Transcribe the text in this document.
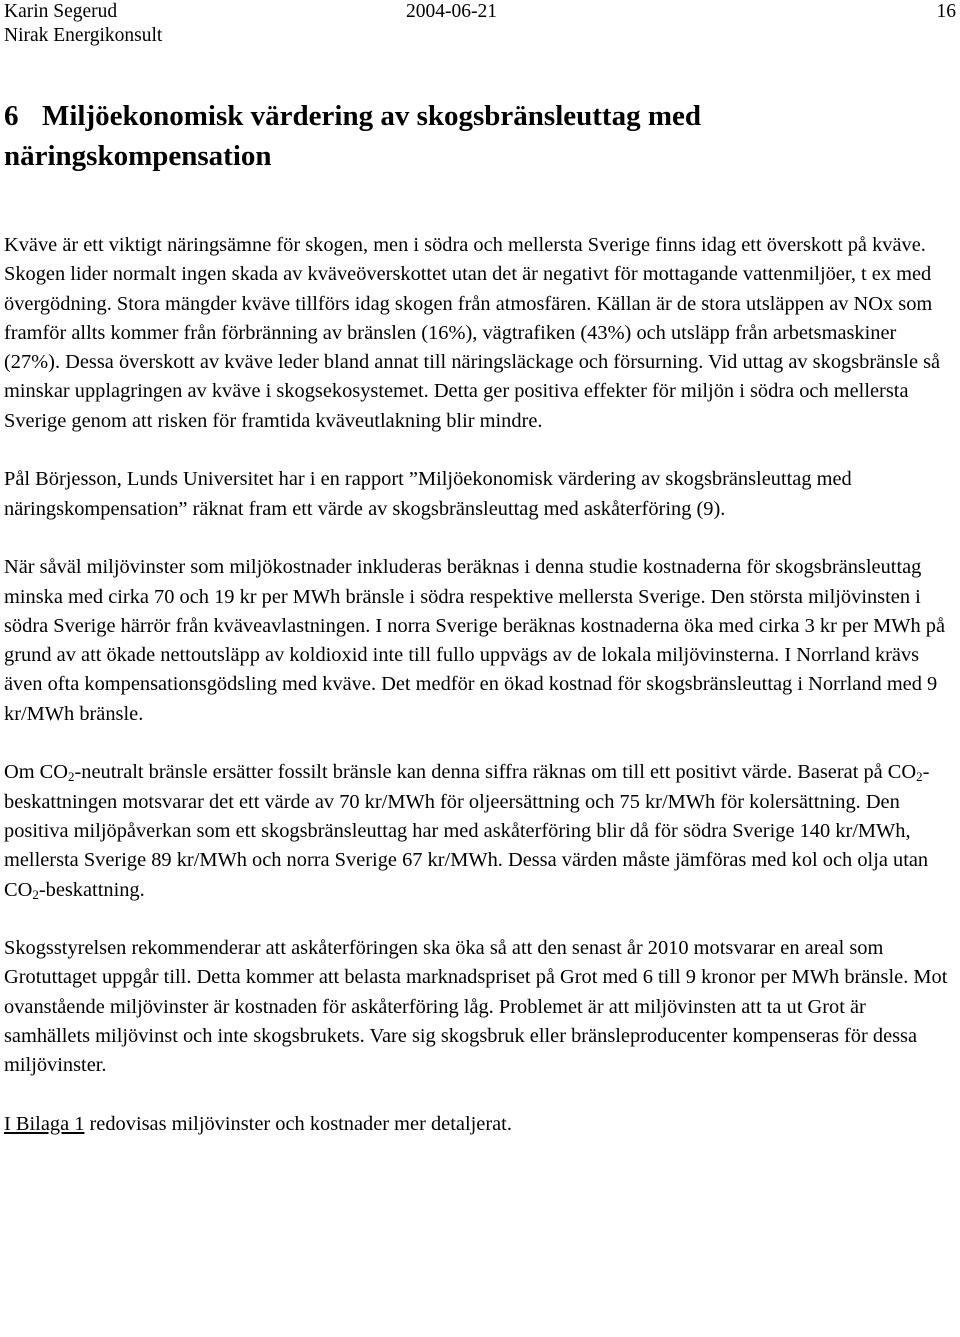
Karin Segerud
Nirak Energikonsult
2004-06-21	16
6 Miljöekonomisk värdering av skogsbränsleuttag med näringskompensation

Kväve är ett viktigt näringsämne för skogen, men i södra och mellersta Sverige finns idag ett överskott på kväve. Skogen lider normalt ingen skada av kväveöverskottet utan det är negativt för mottagande vattenmiljöer, t ex med övergödning. Stora mängder kväve tillförs idag skogen från atmosfären. Källan är de stora utsläppen av NOx som framför allts kommer från förbränning av bränslen (16%), vägtrafiken (43%) och utsläpp från arbetsmaskiner (27%). Dessa överskott av kväve leder bland annat till näringsläckage och försurning. Vid uttag av skogsbränsle så minskar upplagringen av kväve i skogsekosystemet. Detta ger positiva effekter för miljön i södra och mellersta Sverige genom att risken för framtida kväveutlakning blir mindre.

Pål Börjesson, Lunds Universitet har i en rapport ”Miljöekonomisk värdering av skogsbränsleuttag med näringskompensation” räknat fram ett värde av skogsbränsleuttag med askåterföring (9).

När såväl miljövinster som miljökostnader inkluderas beräknas i denna studie kostnaderna för skogsbränsleuttag minska med cirka 70 och 19 kr per MWh bränsle i södra respektive mellersta Sverige. Den största miljövinsten i södra Sverige härrör från kväveavlastningen. I norra Sverige beräknas kostnaderna öka med cirka 3 kr per MWh på grund av att ökade nettoutsläpp av koldioxid inte till fullo uppvägs av de lokala miljövinsterna. I Norrland krävs även ofta kompensationsgödsling med kväve. Det medför en ökad kostnad för skogsbränsleuttag i Norrland med 9 kr/MWh bränsle.

Om $CO_2$-neutralt bränsle ersätter fossilt bränsle kan denna siffra räknas om till ett positivt värde. Baserat på $CO_2-$ beskattningen motsvarar det ett värde av 70 kr/MWh för oljeersättning och 75 kr/MWh för kolersättning. Den positiva miljöpåverkan som ett skogsbränsleuttag har med askåterföring blir då för södra Sverige 140 kr/MWh, mellersta Sverige 89 kr/MWh och norra Sverige 67 kr/MWh. Dessa värden måste jämföras med kol och olja utan $CO_2$-beskattning.

Skogsstyrelsen rekommenderar att askåterföringen ska öka så att den senast år 2010 motsvarar en areal som Grotuttaget uppgår till. Detta kommer att belasta marknadspriset på Grot med 6 till 9 kronor per MWh bränsle. Mot ovanstående miljövinster är kostnaden för askåterföring låg. Problemet är att miljövinsten att ta ut Grot är samhällets miljövinst och inte skogsbrukets. Vare sig skogsbruk eller bränsleproducenter kompenseras för dessa miljövinster.

I Bilaga 1 redovisas miljövinster och kostnader mer detaljerat.
